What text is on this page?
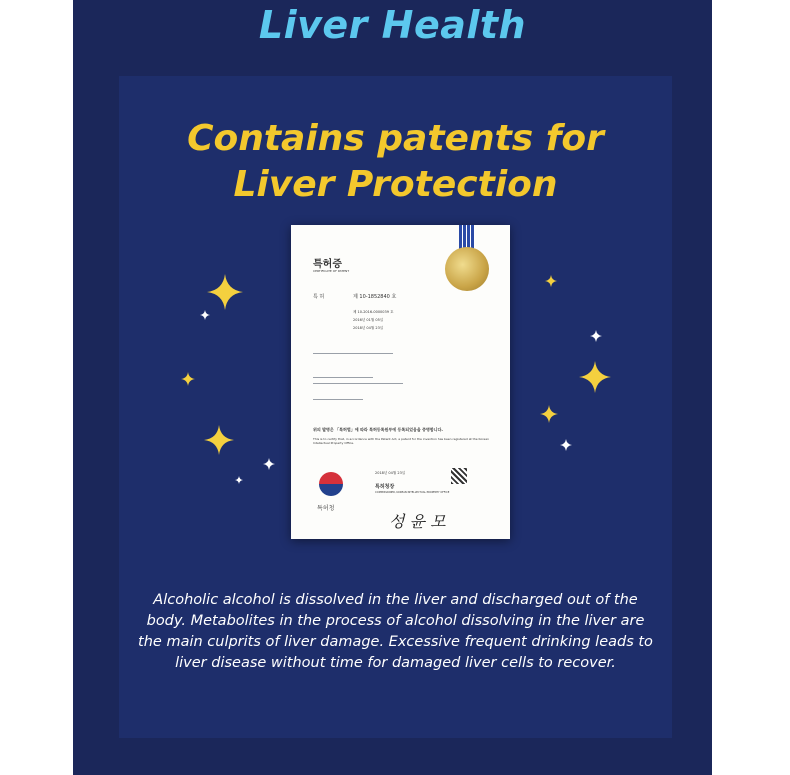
Liver Health
Contains patents for
Liver Protection
특허증
CERTIFICATE OF PATENT
특 허	제 10-1852840 호
제 10-2016-0000039 호
2016년 01월 05일
2018년 04월 23일
위의 발명은 「특허법」에 따라 특허등록원부에 등록되었음을 증명합니다.
This is to certify that, in accordance with the Patent Act, a patent for the invention has been registered at the Korean Intellectual Property Office.
특허청
2018년 04월 23일
특허청장
COMMISSIONER, KOREAN INTELLECTUAL PROPERTY OFFICE
성 윤 모
Alcoholic alcohol is dissolved in the liver and discharged out of the body. Metabolites in the process of alcohol dissolving in the liver are the main culprits of liver damage. Excessive frequent drinking leads to liver disease without time for damaged liver cells to recover.
